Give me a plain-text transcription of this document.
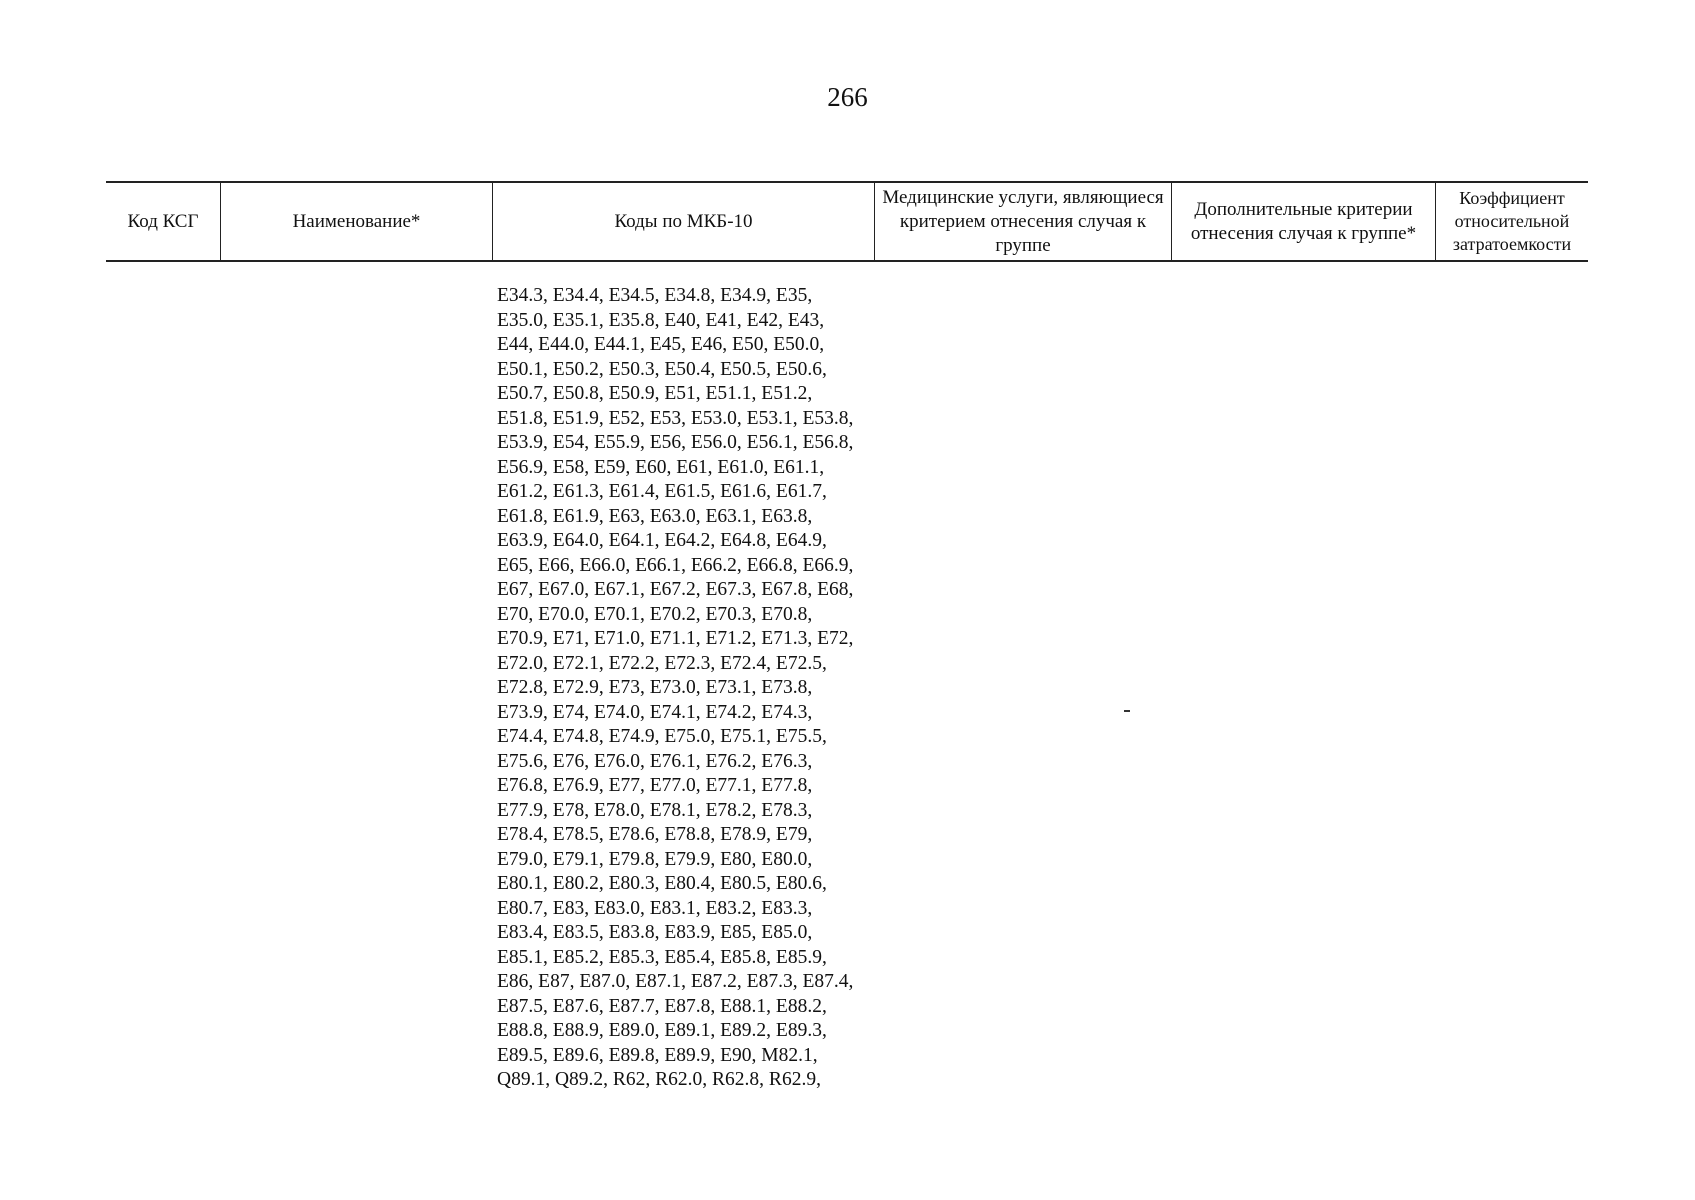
266
Код КСГ	Наименование*	Коды по МКБ-10
Медицинские услуги, являющиеся критерием отнесения случая к группе
Дополнительные критерии отнесения случая к группе*
Коэффициент относительной затратоемкости
E34.3, E34.4, E34.5, E34.8, E34.9, E35,
E35.0, E35.1, E35.8, E40, E41, E42, E43,
E44, E44.0, E44.1, E45, E46, E50, E50.0,
E50.1, E50.2, E50.3, E50.4, E50.5, E50.6,
E50.7, E50.8, E50.9, E51, E51.1, E51.2,
E51.8, E51.9, E52, E53, E53.0, E53.1, E53.8,
E53.9, E54, E55.9, E56, E56.0, E56.1, E56.8,
E56.9, E58, E59, E60, E61, E61.0, E61.1,
E61.2, E61.3, E61.4, E61.5, E61.6, E61.7,
E61.8, E61.9, E63, E63.0, E63.1, E63.8,
E63.9, E64.0, E64.1, E64.2, E64.8, E64.9,
E65, E66, E66.0, E66.1, E66.2, E66.8, E66.9,
E67, E67.0, E67.1, E67.2, E67.3, E67.8, E68,
E70, E70.0, E70.1, E70.2, E70.3, E70.8,
E70.9, E71, E71.0, E71.1, E71.2, E71.3, E72,
E72.0, E72.1, E72.2, E72.3, E72.4, E72.5,
E72.8, E72.9, E73, E73.0, E73.1, E73.8,
E73.9, E74, E74.0, E74.1, E74.2, E74.3,
E74.4, E74.8, E74.9, E75.0, E75.1, E75.5,
E75.6, E76, E76.0, E76.1, E76.2, E76.3,
E76.8, E76.9, E77, E77.0, E77.1, E77.8,
E77.9, E78, E78.0, E78.1, E78.2, E78.3,
E78.4, E78.5, E78.6, E78.8, E78.9, E79,
E79.0, E79.1, E79.8, E79.9, E80, E80.0,
E80.1, E80.2, E80.3, E80.4, E80.5, E80.6,
E80.7, E83, E83.0, E83.1, E83.2, E83.3,
E83.4, E83.5, E83.8, E83.9, E85, E85.0,
E85.1, E85.2, E85.3, E85.4, E85.8, E85.9,
E86, E87, E87.0, E87.1, E87.2, E87.3, E87.4,
E87.5, E87.6, E87.7, E87.8, E88.1, E88.2,
E88.8, E88.9, E89.0, E89.1, E89.2, E89.3,
E89.5, E89.6, E89.8, E89.9, E90, M82.1,
Q89.1, Q89.2, R62, R62.0, R62.8, R62.9,
